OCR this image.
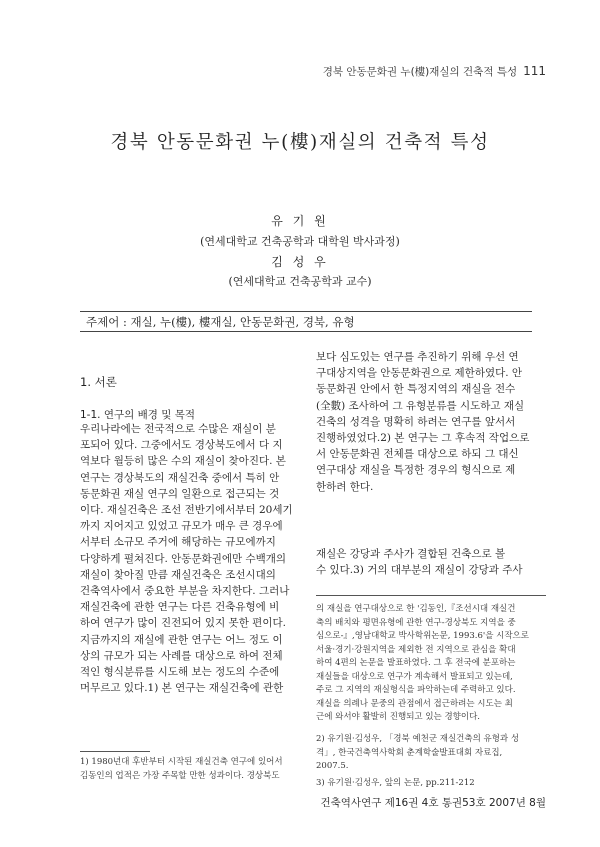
경북 안동문화권 누(樓)재실의 건축적 특성 111
경북 안동문화권 누(樓)재실의 건축적 특성
유 기 원
(연세대학교 건축공학과 대학원 박사과정)
김 성 우
(연세대학교 건축공학과 교수)
주제어 : 재실, 누(樓), 樓재실, 안동문화권, 경북, 유형
1. 서론
1-1. 연구의 배경 및 목적
우리나라에는 전국적으로 수많은 재실이 분
포되어 있다. 그중에서도 경상북도에서 다 지
역보다 월등히 많은 수의 재실이 찾아진다. 본
연구는 경상북도의 재실건축 중에서 특히 안
동문화권 재실 연구의 일환으로 접근되는 것
이다. 재실건축은 조선 전반기에서부터 20세기
까지 지어지고 있었고 규모가 매우 큰 경우에
서부터 소규모 주거에 해당하는 규모에까지
다양하게 펼쳐진다. 안동문화권에만 수백개의
재실이 찾아질 만큼 재실건축은 조선시대의
건축역사에서 중요한 부분을 차지한다. 그러나
재실건축에 관한 연구는 다른 건축유형에 비
하여 연구가 많이 진전되어 있지 못한 편이다.
지금까지의 재실에 관한 연구는 어느 정도 이
상의 규모가 되는 사례를 대상으로 하여 전체
적인 형식분류를 시도해 보는 정도의 수준에
머무르고 있다.1) 본 연구는 재실건축에 관한
1) 1980년대 후반부터 시작된 재실건축 연구에 있어서
김동인의 업적은 가장 주목할 만한 성과이다. 경상북도
보다 심도있는 연구를 추진하기 위해 우선 연
구대상지역을 안동문화권으로 제한하였다. 안
동문화권 안에서 한 특정지역의 재실을 전수
(全數) 조사하여 그 유형분류를 시도하고 재실
건축의 성격을 명확히 하려는 연구를 앞서서
진행하였었다.2) 본 연구는 그 후속적 작업으로
서 안동문화권 전체를 대상으로 하되 그 대신
연구대상 재실을 특정한 경우의 형식으로 제
한하려 한다.
재실은 강당과 주사가 결합된 건축으로 볼
수 있다.3) 거의 대부분의 재실이 강당과 주사
의 재실을 연구대상으로 한 '김동인,『조선시대 재실건
축의 배치와 평면유형에 관한 연구-경상북도 지역을 중
심으로-』,영남대학교 박사학위논문, 1993.6'을 시작으로
서울·경기·강원지역을 제외한 전 지역으로 관심을 확대
하여 4편의 논문을 발표하였다. 그 후 전국에 분포하는
재실들을 대상으로 연구가 계속해서 발표되고 있는데,
주로 그 지역의 재실형식을 파악하는데 주력하고 있다.
재실을 의례나 문중의 관점에서 접근하려는 시도는 최
근에 와서야 활발히 진행되고 있는 경향이다.
2) 유기원·김성우, 「경북 예천군 재실건축의 유형과 성
격」, 한국건축역사학회 춘계학술발표대회 자료집,
2007.5.
3) 유기원·김성우, 앞의 논문, pp.211-212
건축역사연구 제16권 4호 통권53호 2007년 8월
